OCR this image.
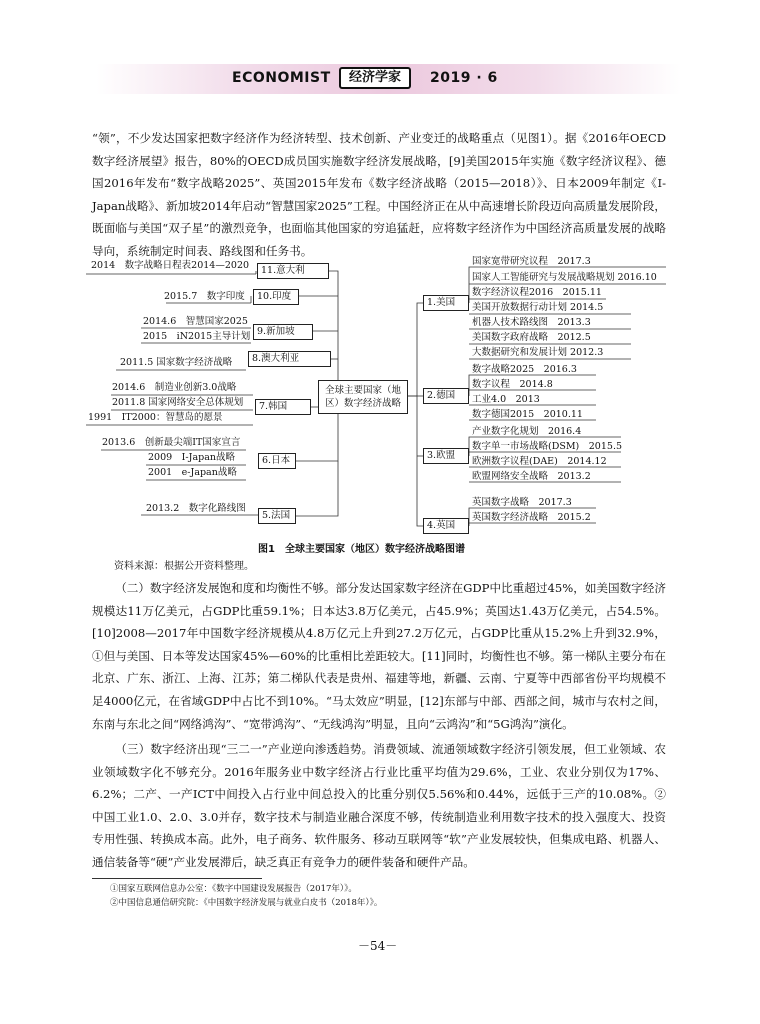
ECONOMIST	经济学家	2019 · 6

“领”，不少发达国家把数字经济作为经济转型、技术创新、产业变迁的战略重点（见图1）。据《2016年OECD数字经济展望》报告，80%的OECD成员国实施数字经济发展战略，[9]美国2015年实施《数字经济议程》、德国2016年发布“数字战略2025”、英国2015年发布《数字经济战略（2015—2018）》、日本2009年制定《I-Japan战略》、新加坡2014年启动“智慧国家2025”工程。中国经济正在从中高速增长阶段迈向高质量发展阶段，既面临与美国“双子星”的激烈竞争，也面临其他国家的穷追猛赶，应将数字经济作为中国经济高质量发展的战略导向，系统制定时间表、路线图和任务书。

全球主要国家（地区）数字经济战略
11.意大利
2014　数字战略日程表2014—2020
10.印度
2015.7　数字印度
9.新加坡
2014.6　智慧国家2025
2015　iN2015主导计划
8.澳大利亚
2011.5 国家数字经济战略
7.韩国
2014.6　制造业创新3.0战略
2011.8 国家网络安全总体规划
1991　IT2000：智慧岛的愿景
6.日本
2013.6　创新最尖端IT国家宣言
2009　I-Japan战略
2001　e-Japan战略
5.法国
2013.2　数字化路线图
1.美国
国家宽带研究议程　2017.3
国家人工智能研究与发展战略规划 2016.10
数字经济议程2016　2015.11
美国开放数据行动计划 2014.5
机器人技术路线图　2013.3
美国数字政府战略　2012.5
大数据研究和发展计划 2012.3
2.德国
数字战略2025　2016.3
数字议程　2014.8
工业4.0　2013
数字德国2015　2010.11
3.欧盟
产业数字化规划　2016.4
数字单一市场战略(DSM)　2015.5
欧洲数字议程(DAE)　2014.12
欧盟网络安全战略　2013.2
4.英国
英国数字战略　2017.3
英国数字经济战略　2015.2
图1　全球主要国家（地区）数字经济战略图谱
资料来源：根据公开资料整理。

（二）数字经济发展饱和度和均衡性不够。部分发达国家数字经济在GDP中比重超过45%，如美国数字经济规模达11万亿美元，占GDP比重59.1%；日本达3.8万亿美元，占45.9%；英国达1.43万亿美元，占54.5%。[10]2008—2017年中国数字经济规模从4.8万亿元上升到27.2万亿元，占GDP比重从15.2%上升到32.9%，①但与美国、日本等发达国家45%—60%的比重相比差距较大。[11]同时，均衡性也不够。第一梯队主要分布在北京、广东、浙江、上海、江苏；第二梯队代表是贵州、福建等地，新疆、云南、宁夏等中西部省份平均规模不足4000亿元，在省域GDP中占比不到10%。“马太效应”明显，[12]东部与中部、西部之间，城市与农村之间，东南与东北之间“网络鸿沟”、“宽带鸿沟”、“无线鸿沟”明显，且向“云鸿沟”和“5G鸿沟”演化。

（三）数字经济出现“三二一”产业逆向渗透趋势。消费领域、流通领域数字经济引领发展，但工业领域、农业领域数字化不够充分。2016年服务业中数字经济占行业比重平均值为29.6%，工业、农业分别仅为17%、6.2%；二产、一产ICT中间投入占行业中间总投入的比重分别仅5.56%和0.44%，远低于三产的10.08%。②中国工业1.0、2.0、3.0并存，数字技术与制造业融合深度不够，传统制造业利用数字技术的投入强度大、投资专用性强、转换成本高。此外，电子商务、软件服务、移动互联网等“软”产业发展较快，但集成电路、机器人、通信装备等“硬”产业发展滞后，缺乏真正有竞争力的硬件装备和硬件产品。

①国家互联网信息办公室：《数字中国建设发展报告（2017年）》。
②中国信息通信研究院：《中国数字经济发展与就业白皮书（2018年）》。
－54－
